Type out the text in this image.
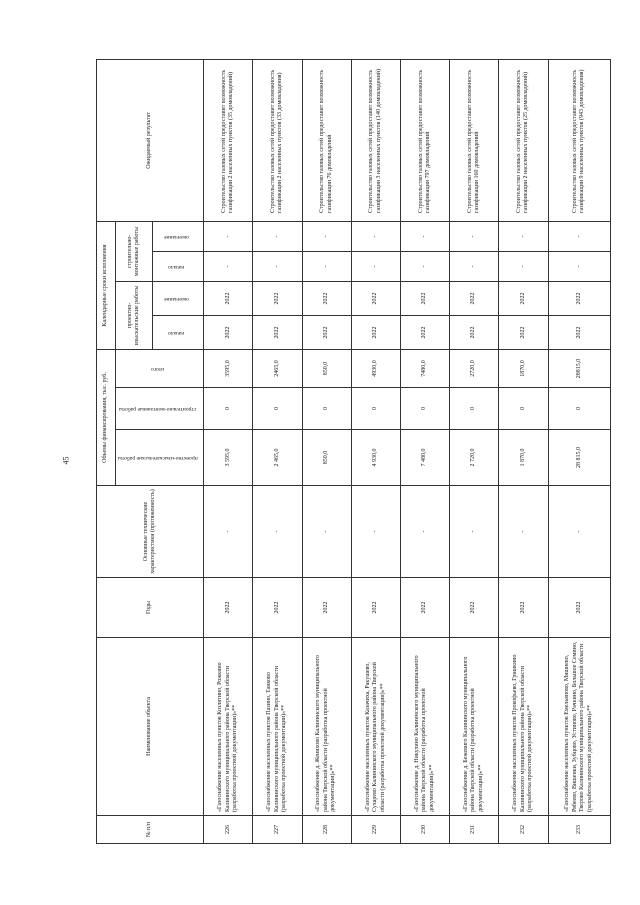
45
№ п/п	Наименование объекта	Годы	Основные технические характеристики (протяженность)	Объемы финансирования, тыс. руб.			Календарные сроки исполнения				Ожидаемый результат
				проектно-изыскательские работы	строительно-монтажные работы	итого	проектно-изыскательские работы		строительно-монтажные работы		
							начало	окончание	начало	окончание	
226	«Газоснабжение населенных пунктов Козлятино, Рожкино Калининского муниципального района Тверской области (разработка проектной документации)»**	2022	-	3 595,0	0	3595,0	2022	2022	-	-	Строительство газовых сетей предоставит возможность газификации 2 населенных пунктов (35 домовладений)
227	«Газоснабжение населенных пунктов Пазино, Танково Калининского муниципального района Тверской области (разработка проектной документации)»**	2022	-	2 465,0	0	2465,0	2022	2022	-	-	Строительство газовых сетей предоставит возможность газификации 2 населенных пунктов (33 домовладения)
228	«Газоснабжение д. Женихово Калининского муниципального района Тверской области (разработка проектной документации)»**	2022	-	850,0	0	850,0	2022	2022	-	-	Строительство газовых сетей предоставит возможность газификации 76 домовладений
229	«Газоснабжение населенных пунктов Казачиха, Ракушево, Сухарево Калининского муниципального района Тверской области (разработка проектной документации)»**	2022	-	4 930,0	0	4930,0	2022	2022	-	-	Строительство газовых сетей предоставит возможность газификации 3 населенных пунктов (140 домовладений)
230	«Газоснабжение д. Никулино Калининского муниципального района Тверской области (разработка проектной документации)»**	2022	-	7 480,0	0	7480,0	2022	2022	-	-	Строительство газовых сетей предоставит возможность газификации 797 домовладений
231	«Газоснабжение д. Бежевиго Калининского муниципального района Тверской области (разработка проектной документации)»**	2022	-	2 720,0	0	2720,0	2022	2022	-	-	Строительство газовых сетей предоставит возможность газификации 160 домовладений
232	«Газоснабжение населенных пунктов Прокофьево, Гришкино Калининского муниципального района Тверской области (разработка проектной документации)»**	2022	-	1 870,0	0	1870,0	2022	2022	-	-	Строительство газовых сетей предоставит возможность газификации 2 населенных пунктов (25 домовладений)
233	«Газоснабжение населенных пунктов Емельяново, Мишнево, Рябеево, Вишенки, Зубцово, Устиново, Рачкино, Большое Семино, Тверово Калининского муниципального района Тверской области (разработка проектной документации)»**	2022	-	28 815,0	0	28815,0	2022	2022	-	-	Строительство газовых сетей предоставит возможность газификации 9 населенных пунктов (943 домовладения)
